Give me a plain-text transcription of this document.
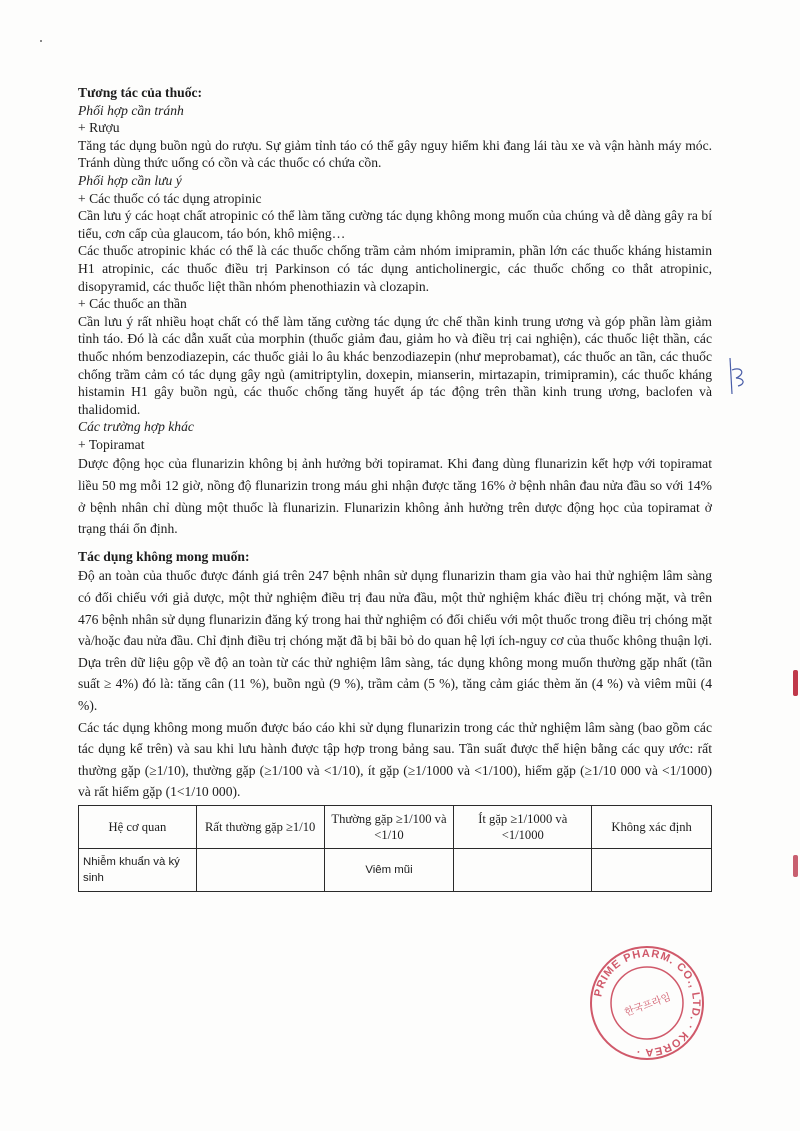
Tương tác của thuốc:

Phối hợp cần tránh

+ Rượu

Tăng tác dụng buồn ngủ do rượu. Sự giảm tỉnh táo có thể gây nguy hiểm khi đang lái tàu xe và vận hành máy móc. Tránh dùng thức uống có cồn và các thuốc có chứa cồn.

Phối hợp cần lưu ý

+ Các thuốc có tác dụng atropinic

Cần lưu ý các hoạt chất atropinic có thể làm tăng cường tác dụng không mong muốn của chúng và dễ dàng gây ra bí tiểu, cơn cấp của glaucom, táo bón, khô miệng…

Các thuốc atropinic khác có thể là các thuốc chống trầm cảm nhóm imipramin, phần lớn các thuốc kháng histamin H1 atropinic, các thuốc điều trị Parkinson có tác dụng anticholinergic, các thuốc chống co thắt atropinic, disopyramid, các thuốc liệt thần nhóm phenothiazin và clozapin.

+ Các thuốc an thần

Cần lưu ý rất nhiều hoạt chất có thể làm tăng cường tác dụng ức chế thần kinh trung ương và góp phần làm giảm tỉnh táo. Đó là các dẫn xuất của morphin (thuốc giảm đau, giảm ho và điều trị cai nghiện), các thuốc liệt thần, các thuốc nhóm benzodiazepin, các thuốc giải lo âu khác benzodiazepin (như meprobamat), các thuốc an tần, các thuốc chống trầm cảm có tác dụng gây ngủ (amitriptylin, doxepin, mianserin, mirtazapin, trimipramin), các thuốc kháng histamin H1 gây buồn ngủ, các thuốc chống tăng huyết áp tác động trên thần kinh trung ương, baclofen và thalidomid.

Các trường hợp khác

+ Topiramat

Dược động học của flunarizin không bị ảnh hưởng bởi topiramat. Khi đang dùng flunarizin kết hợp với topiramat liều 50 mg mỗi 12 giờ, nồng độ flunarizin trong máu ghi nhận được tăng 16% ở bệnh nhân đau nửa đầu so với 14% ở bệnh nhân chỉ dùng một thuốc là flunarizin. Flunarizin không ảnh hưởng trên dược động học của topiramat ở trạng thái ổn định.

Tác dụng không mong muốn:

Độ an toàn của thuốc được đánh giá trên 247 bệnh nhân sử dụng flunarizin tham gia vào hai thử nghiệm lâm sàng có đối chiếu với giả dược, một thử nghiệm điều trị đau nửa đầu, một thử nghiệm khác điều trị chóng mặt, và trên 476 bệnh nhân sử dụng flunarizin đăng ký trong hai thử nghiệm có đối chiếu với một thuốc trong điều trị chóng mặt và/hoặc đau nửa đầu. Chỉ định điều trị chóng mặt đã bị bãi bỏ do quan hệ lợi ích-nguy cơ của thuốc không thuận lợi. Dựa trên dữ liệu gộp về độ an toàn từ các thử nghiệm lâm sàng, tác dụng không mong muốn thường gặp nhất (tần suất ≥ 4%) đó là: tăng cân (11 %), buồn ngủ (9 %), trầm cảm (5 %), tăng cảm giác thèm ăn (4 %) và viêm mũi (4 %).

Các tác dụng không mong muốn được báo cáo khi sử dụng flunarizin trong các thử nghiệm lâm sàng (bao gồm các tác dụng kể trên) và sau khi lưu hành được tập hợp trong bảng sau. Tần suất được thể hiện bằng các quy ước: rất thường gặp (≥1/10), thường gặp (≥1/100 và <1/10), ít gặp (≥1/1000 và <1/100), hiếm gặp (≥1/10 000 và <1/1000) và rất hiếm gặp (1<1/10 000).

Hệ cơ quan	Rất thường gặp ≥1/10	Thường gặp ≥1/100 và <1/10	Ít gặp ≥1/1000 và <1/1000	Không xác định
Nhiễm khuẩn và ký sinh		Viêm mũi		
PRIME PHARM. CO., LTD. · KOREA ·
한국프라임
